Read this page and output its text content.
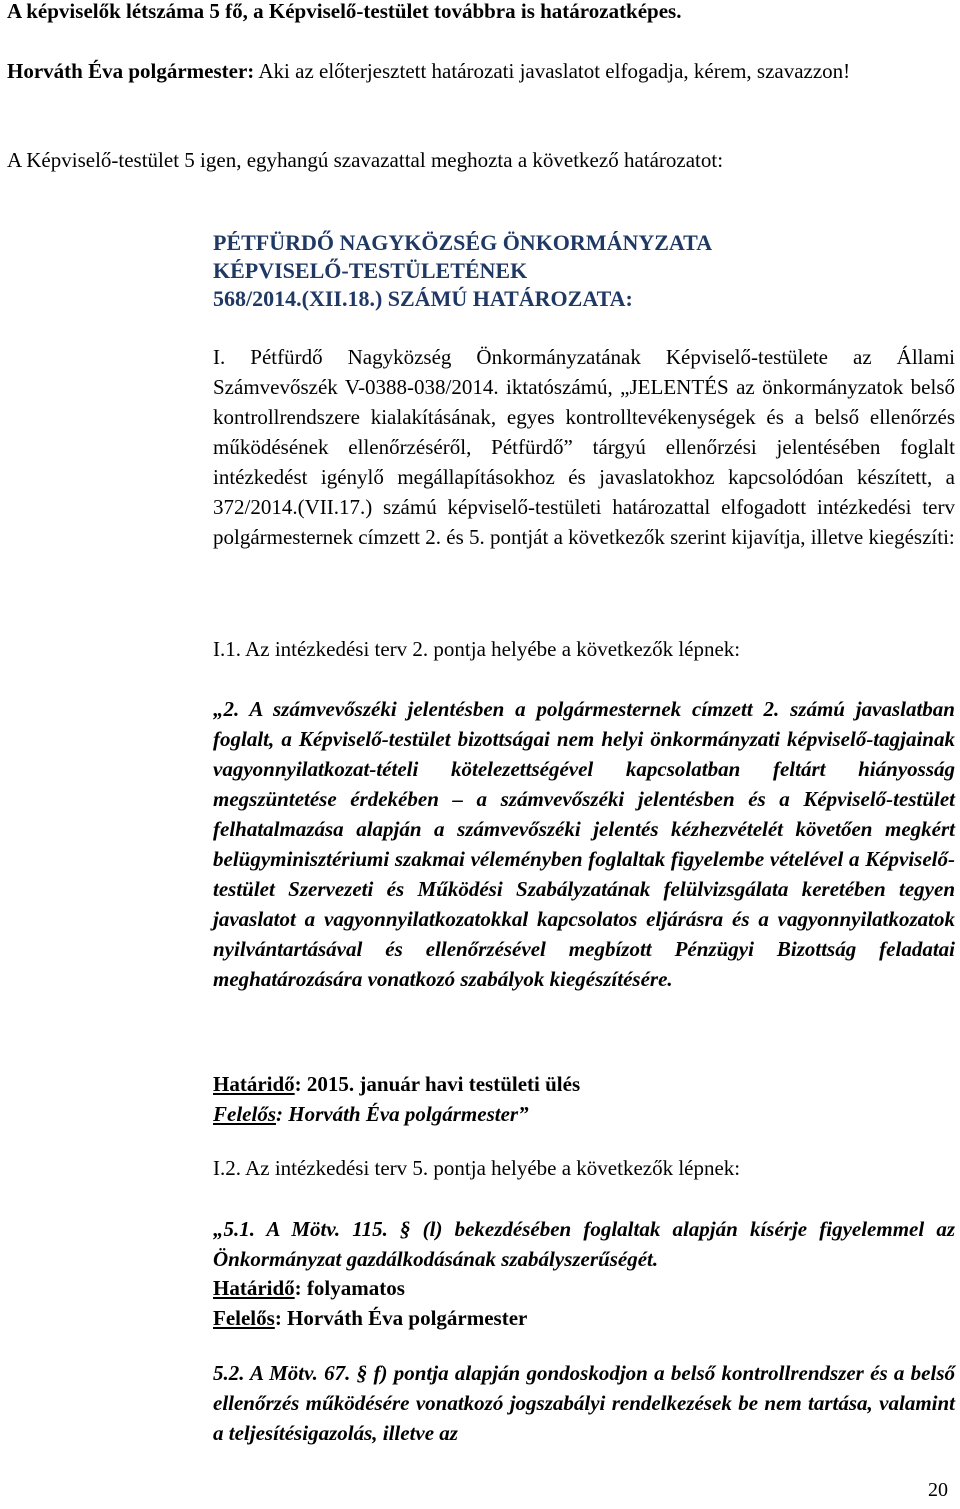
A képviselők létszáma 5 fő, a Képviselő-testület továbbra is határozatképes.

Horváth Éva polgármester: Aki az előterjesztett határozati javaslatot elfogadja, kérem, szavazzon!

A Képviselő-testület 5 igen, egyhangú szavazattal meghozta a következő határozatot:

PÉTFÜRDŐ NAGYKÖZSÉG ÖNKORMÁNYZATA
KÉPVISELŐ-TESTÜLETÉNEK
568/2014.(XII.18.) SZÁMÚ HATÁROZATA:

I. Pétfürdő Nagyközség Önkormányzatának Képviselő-testülete az Állami Számvevőszék V-0388-038/2014. iktatószámú, „JELENTÉS az önkormányzatok belső kontrollrendszere kialakításának, egyes kontrolltevékenységek és a belső ellenőrzés működésének ellenőrzéséről, Pétfürdő” tárgyú ellenőrzési jelentésében foglalt intézkedést igénylő megállapításokhoz és javaslatokhoz kapcsolódóan készített, a 372/2014.(VII.17.) számú képviselő-testületi határozattal elfogadott intézkedési terv polgármesternek címzett 2. és 5. pontját a következők szerint kijavítja, illetve kiegészíti:

I.1. Az intézkedési terv 2. pontja helyébe a következők lépnek:

„2. A számvevőszéki jelentésben a polgármesternek címzett 2. számú javaslatban foglalt, a Képviselő-testület bizottságai nem helyi önkormányzati képviselő-tagjainak vagyonnyilatkozat-tételi kötelezettségével kapcsolatban feltárt hiányosság megszüntetése érdekében – a számvevőszéki jelentésben és a Képviselő-testület felhatalmazása alapján a számvevőszéki jelentés kézhezvételét követően megkért belügyminisztériumi szakmai véleményben foglaltak figyelembe vételével a Képviselő-testület Szervezeti és Működési Szabályzatának felülvizsgálata keretében tegyen javaslatot a vagyonnyilatkozatokkal kapcsolatos eljárásra és a vagyonnyilatkozatok nyilvántartásával és ellenőrzésével megbízott Pénzügyi Bizottság feladatai meghatározására vonatkozó szabályok kiegészítésére.

Határidő: 2015. január havi testületi ülés
Felelős: Horváth Éva polgármester”

I.2. Az intézkedési terv 5. pontja helyébe a következők lépnek:

„5.1. A Mötv. 115. § (l) bekezdésében foglaltak alapján kísérje figyelemmel az Önkormányzat gazdálkodásának szabályszerűségét.

Határidő: folyamatos
Felelős: Horváth Éva polgármester

5.2. A Mötv. 67. § f) pontja alapján gondoskodjon a belső kontrollrendszer és a belső ellenőrzés működésére vonatkozó jogszabályi rendelkezések be nem tartása, valamint a teljesítésigazolás, illetve az

20
